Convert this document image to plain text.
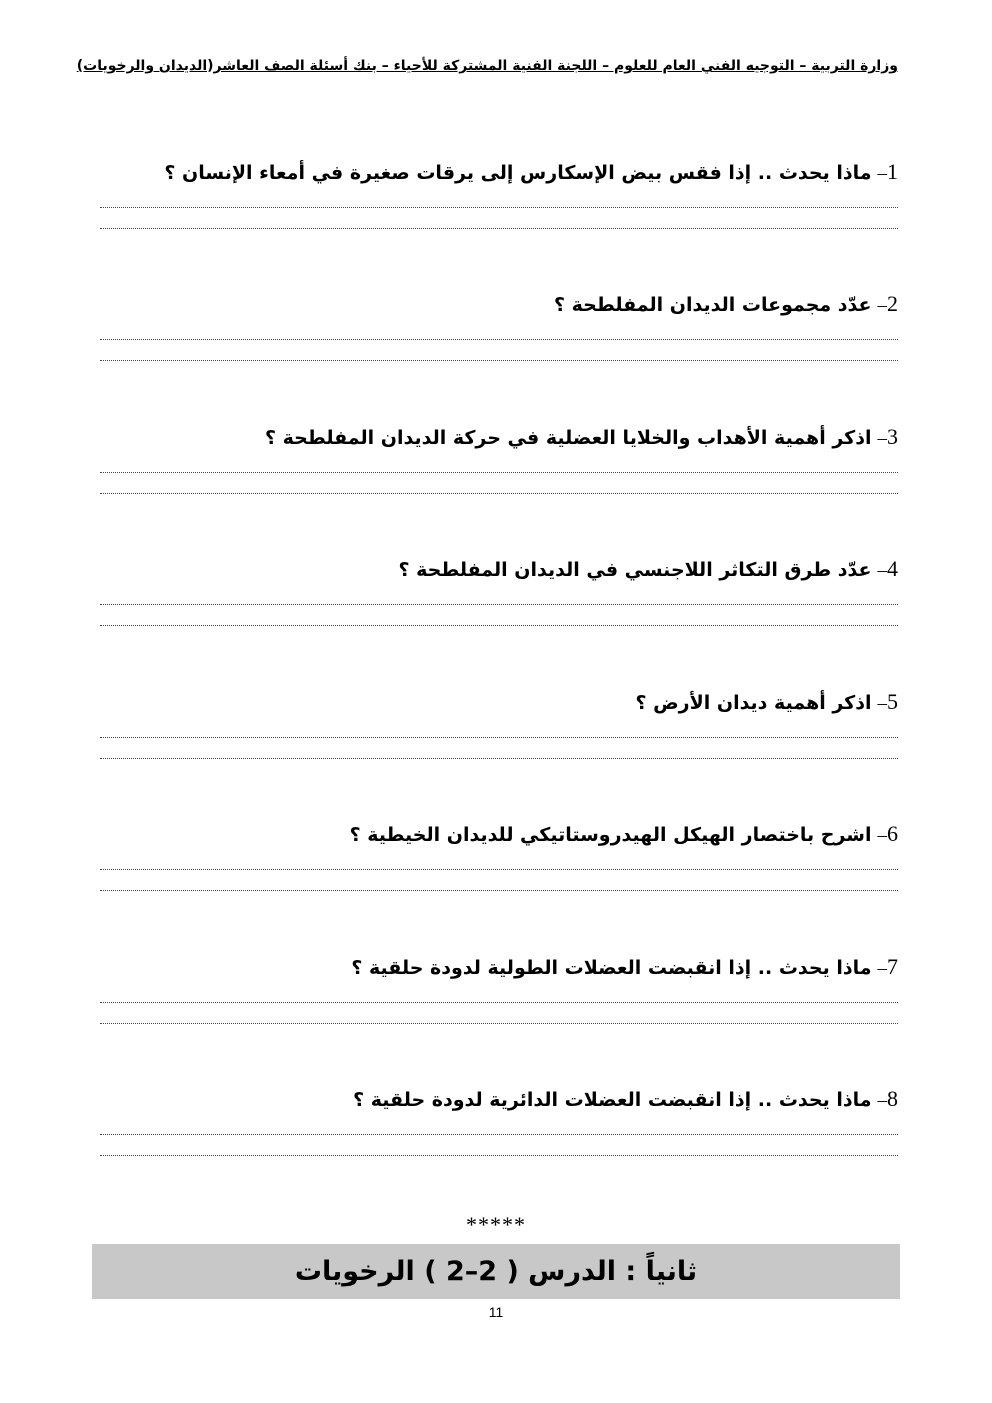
وزارة التربية – التوجيه الفني العام للعلوم – اللجنة الفنية المشتركة للأحياء – بنك أسئلة الصف العاشر(الديدان والرخويات)
1–ماذا يحدث .. إذا فقس بيض الإسكارس إلى يرقات صغيرة في أمعاء الإنسان ؟
2–عدّد مجموعات الديدان المفلطحة ؟
3–اذكر أهمية الأهداب والخلايا العضلية في حركة الديدان المفلطحة ؟
4–عدّد طرق التكاثر اللاجنسي في الديدان المفلطحة ؟
5–اذكر أهمية ديدان الأرض ؟
6–اشرح باختصار الهيكل الهيدروستاتيكي للديدان الخيطية ؟
7–ماذا يحدث .. إذا انقبضت العضلات الطولية لدودة حلقية ؟
8–ماذا يحدث .. إذا انقبضت العضلات الدائرية لدودة حلقية ؟
*****
ثانياً : الدرس ( 2–2 ) الرخويات
11
